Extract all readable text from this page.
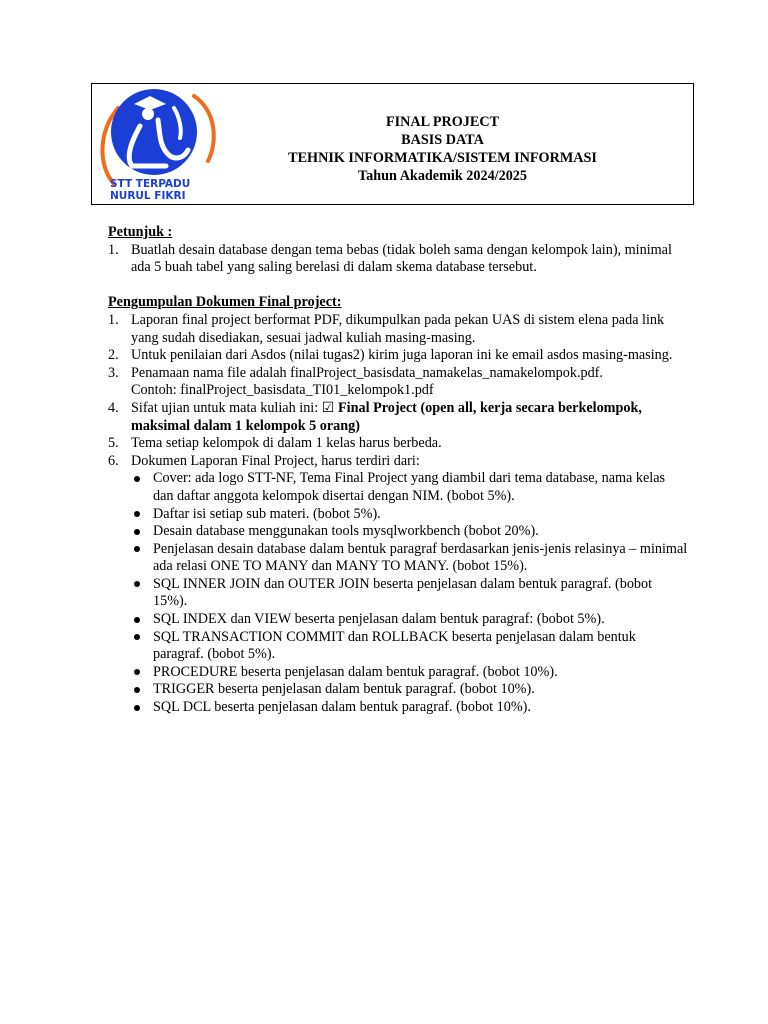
STT TERPADU
NURUL FIKRI
FINAL PROJECT
BASIS DATA
TEHNIK INFORMATIKA/SISTEM INFORMASI
Tahun Akademik 2024/2025
Petunjuk :
1. Buatlah desain database dengan tema bebas (tidak boleh sama dengan kelompok lain), minimal ada 5 buah tabel yang saling berelasi di dalam skema database tersebut.
Pengumpulan Dokumen Final project:
1. Laporan final project berformat PDF, dikumpulkan pada pekan UAS di sistem elena pada link yang sudah disediakan, sesuai jadwal kuliah masing-masing.
2. Untuk penilaian dari Asdos (nilai tugas2) kirim juga laporan ini ke email asdos masing-masing.
3. Penamaan nama file adalah finalProject_basisdata_namakelas_namakelompok.pdf.
Contoh: finalProject_basisdata_TI01_kelompok1.pdf
4. Sifat ujian untuk mata kuliah ini: ☑ Final Project (open all, kerja secara berkelompok, maksimal dalam 1 kelompok 5 orang)
5. Tema setiap kelompok di dalam 1 kelas harus berbeda.
6. Dokumen Laporan Final Project, harus terdiri dari:
Cover: ada logo STT-NF, Tema Final Project yang diambil dari tema database, nama kelas dan daftar anggota kelompok disertai dengan NIM. (bobot 5%).
Daftar isi setiap sub materi. (bobot 5%).
Desain database menggunakan tools mysqlworkbench (bobot 20%).
Penjelasan desain database dalam bentuk paragraf berdasarkan jenis-jenis relasinya – minimal ada relasi ONE TO MANY dan MANY TO MANY. (bobot 15%).
SQL INNER JOIN dan OUTER JOIN beserta penjelasan dalam bentuk paragraf. (bobot 15%).
SQL INDEX dan VIEW beserta penjelasan dalam bentuk paragraf: (bobot 5%).
SQL TRANSACTION COMMIT dan ROLLBACK beserta penjelasan dalam bentuk paragraf. (bobot 5%).
PROCEDURE beserta penjelasan dalam bentuk paragraf. (bobot 10%).
TRIGGER beserta penjelasan dalam bentuk paragraf. (bobot 10%).
SQL DCL beserta penjelasan dalam bentuk paragraf. (bobot 10%).
